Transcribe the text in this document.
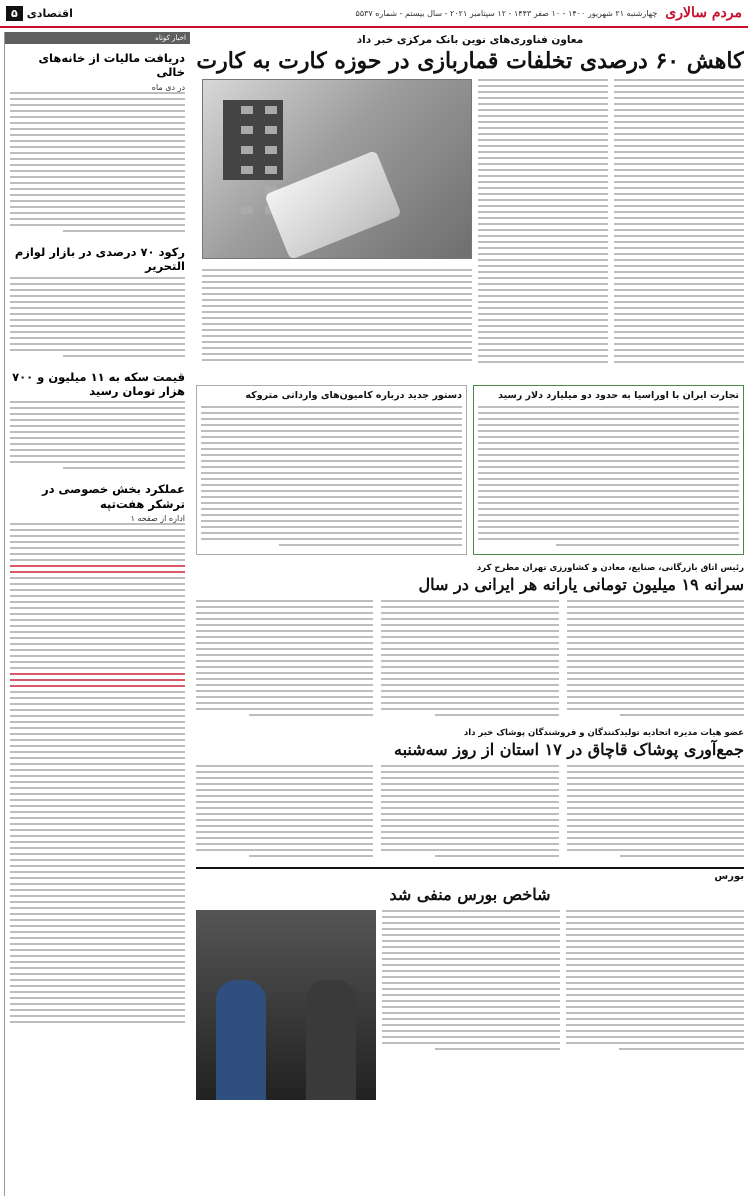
مردم سالاری
چهارشنبه ۲۱ شهریور ۱۴۰۰ - ۱۰ صفر ۱۴۴۳ - ۱۲ سپتامبر ۲۰۲۱ - سال بیستم - شماره ۵۵۳۷
اقتصادی
۵
اخبار کوتاه
دریافت مالیات از خانه‌های خالی
در دی ماه
رکود ۷۰ درصدی در بازار لوازم التحریر
قیمت سکه به ۱۱ میلیون و ۷۰۰ هزار تومان رسید
عملکرد بخش خصوصی در ترشکر هفت‌تپه
اداره از صفحه ۱
معاون فناوری‌های نوین بانک مرکزی خبر داد
کاهش ۶۰ درصدی تخلفات قماربازی در حوزه کارت به کارت
تجارت ایران با اوراسیا به حدود دو میلیارد دلار رسید
دستور جدید درباره کامیون‌های وارداتی متروکه
رئیس اتاق بازرگانی، صنایع، معادن و کشاورزی تهران مطرح کرد
سرانه ۱۹ میلیون تومانی یارانه هر ایرانی در سال
عضو هیات مدیره اتحادیه تولیدکنندگان و فروشندگان پوشاک خبر داد
جمع‌آوری پوشاک قاچاق در ۱۷ استان از روز سه‌شنبه
بورس
شاخص بورس منفی شد
